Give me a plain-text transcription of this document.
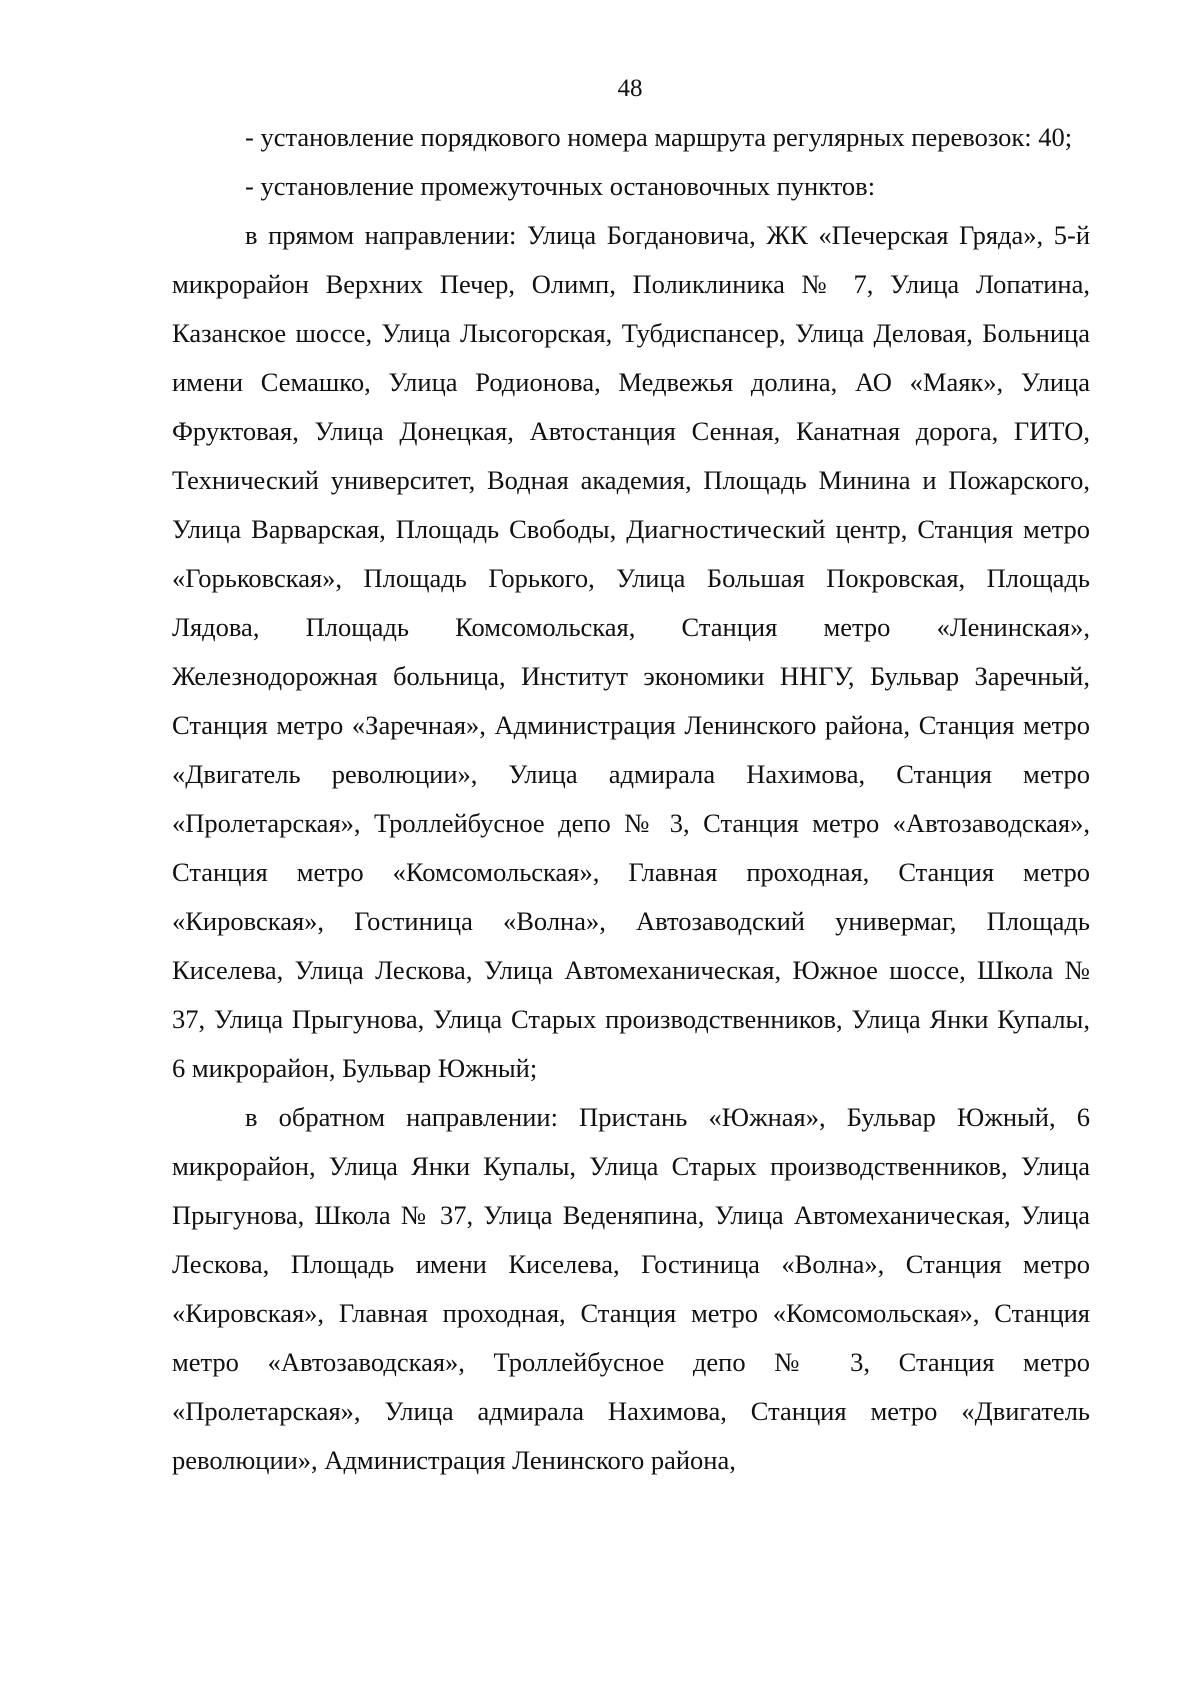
48

- установление порядкового номера маршрута регулярных перевозок: 40;

- установление промежуточных остановочных пунктов:

в прямом направлении: Улица Богдановича, ЖК «Печерская Гряда», 5-й микрорайон Верхних Печер, Олимп, Поликлиника № 7, Улица Лопатина, Казанское шоссе, Улица Лысогорская, Тубдиспансер, Улица Деловая, Больница имени Семашко, Улица Родионова, Медвежья долина, АО «Маяк», Улица Фруктовая, Улица Донецкая, Автостанция Сенная, Канатная дорога, ГИТО, Технический университет, Водная академия, Площадь Минина и Пожарского, Улица Варварская, Площадь Свободы, Диагностический центр, Станция метро «Горьковская», Площадь Горького, Улица Большая Покровская, Площадь Лядова, Площадь Комсомольская, Станция метро «Ленинская», Железнодорожная больница, Институт экономики ННГУ, Бульвар Заречный, Станция метро «Заречная», Администрация Ленинского района, Станция метро «Двигатель революции», Улица адмирала Нахимова, Станция метро «Пролетарская», Троллейбусное депо № 3, Станция метро «Автозаводская», Станция метро «Комсомольская», Главная проходная, Станция метро «Кировская», Гостиница «Волна», Автозаводский универмаг, Площадь Киселева, Улица Лескова, Улица Автомеханическая, Южное шоссе, Школа № 37, Улица Прыгунова, Улица Старых производственников, Улица Янки Купалы, 6 микрорайон, Бульвар Южный;

в обратном направлении: Пристань «Южная», Бульвар Южный, 6 микрорайон, Улица Янки Купалы, Улица Старых производственников, Улица Прыгунова, Школа № 37, Улица Веденяпина, Улица Автомеханическая, Улица Лескова, Площадь имени Киселева, Гостиница «Волна», Станция метро «Кировская», Главная проходная, Станция метро «Комсомольская», Станция метро «Автозаводская», Троллейбусное депо № 3, Станция метро «Пролетарская», Улица адмирала Нахимова, Станция метро «Двигатель революции», Администрация Ленинского района,
